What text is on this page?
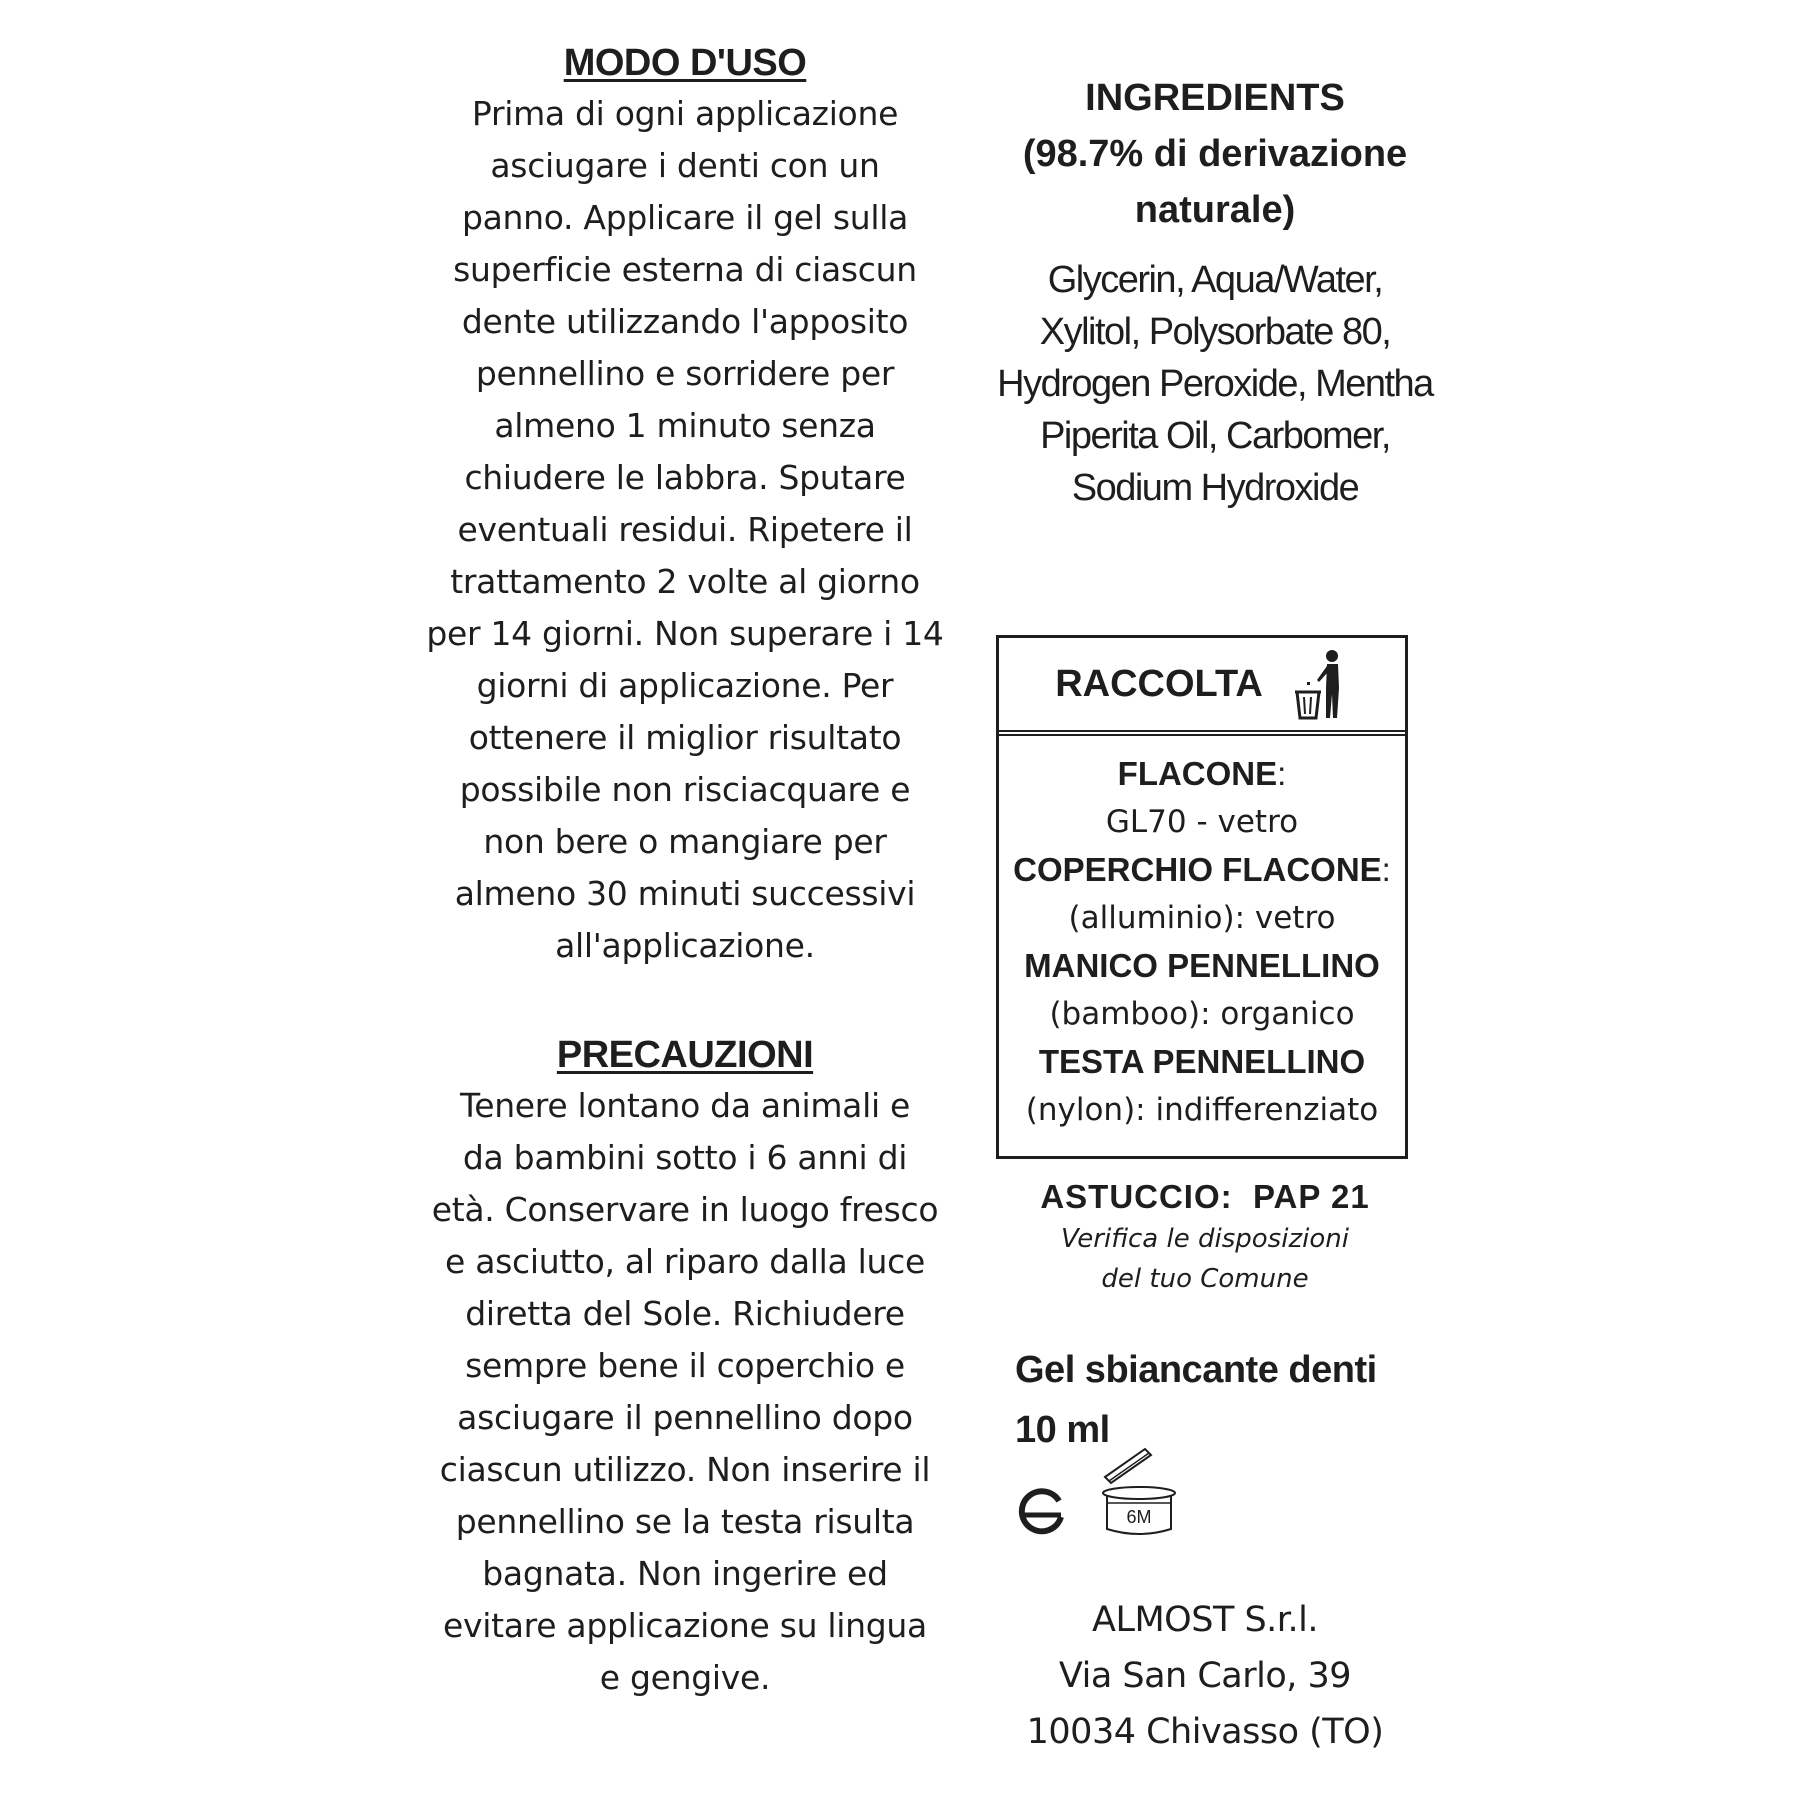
MODO D'USO

Prima di ogni applicazione

asciugare i denti con un

panno. Applicare il gel sulla

superficie esterna di ciascun

dente utilizzando l'apposito

pennellino e sorridere per

almeno 1 minuto senza

chiudere le labbra. Sputare

eventuali residui. Ripetere il

trattamento 2 volte al giorno

per 14 giorni. Non superare i 14

giorni di applicazione. Per

ottenere il miglior risultato

possibile non risciacquare e

non bere o mangiare per

almeno 30 minuti successivi

all'applicazione.

PRECAUZIONI

Tenere lontano da animali e

da bambini sotto i 6 anni di

età. Conservare in luogo fresco

e asciutto, al riparo dalla luce

diretta del Sole. Richiudere

sempre bene il coperchio e

asciugare il pennellino dopo

ciascun utilizzo. Non inserire il

pennellino se la testa risulta

bagnata. Non ingerire ed

evitare applicazione su lingua

e gengive.

INGREDIENTS

(98.7% di derivazione

naturale)

Glycerin, Aqua/Water,
Xylitol, Polysorbate 80,
Hydrogen Peroxide, Mentha
Piperita Oil, Carbomer,
Sodium Hydroxide
RACCOLTA

FLACONE:

GL70 - vetro

COPERCHIO FLACONE:

(alluminio): vetro

MANICO PENNELLINO

(bamboo): organico

TESTA PENNELLINO

(nylon): indifferenziato

ASTUCCIO: PAP 21

Verifica le disposizioni

del tuo Comune

Gel sbiancante denti

10 ml

6M

ALMOST S.r.l.

Via San Carlo, 39

10034 Chivasso (TO)
